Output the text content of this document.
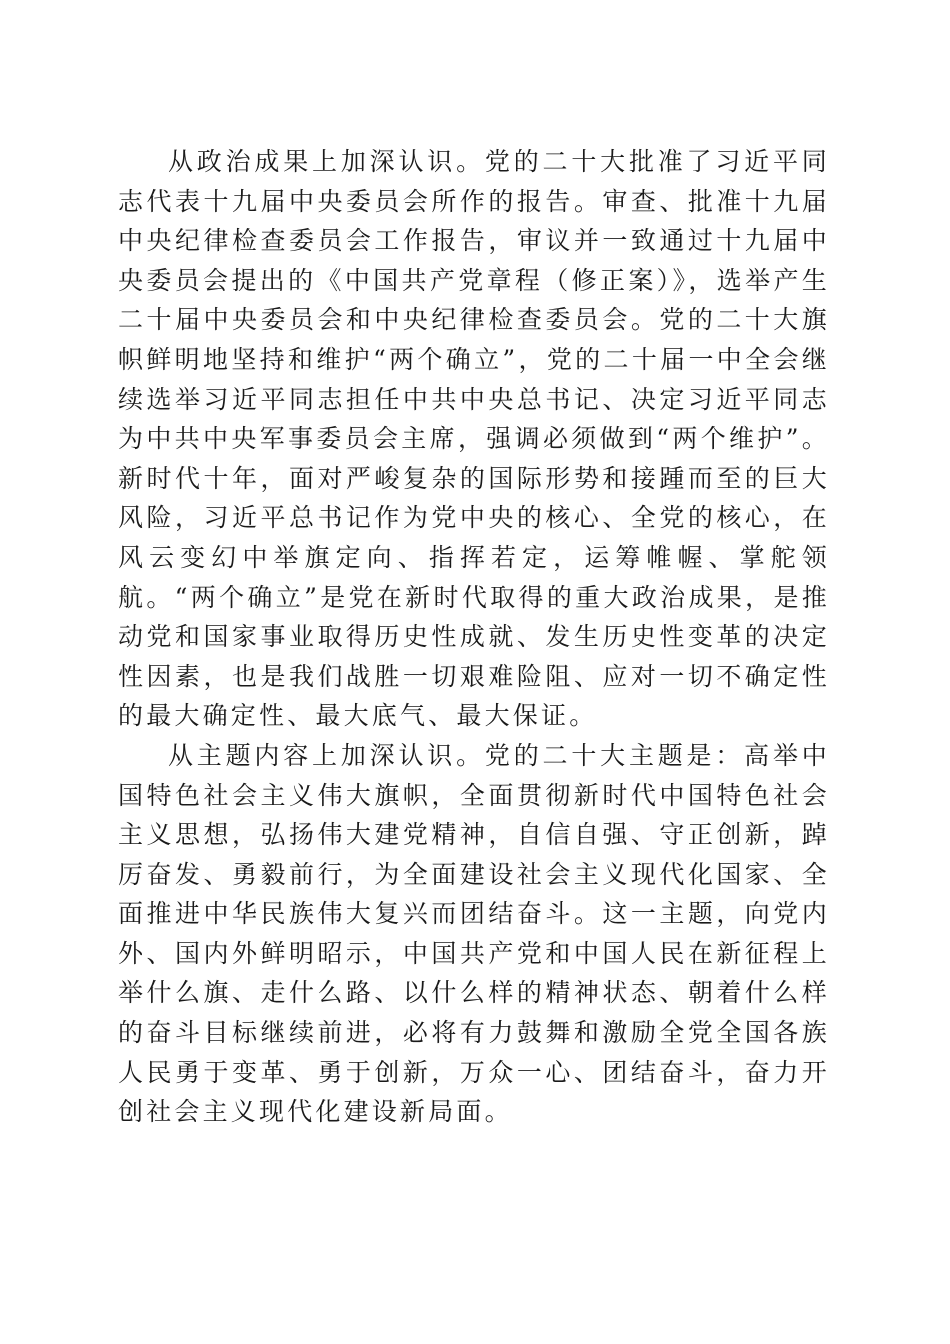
从政治成果上加深认识。党的二十大批准了习近平同志代表十九届中央委员会所作的报告。审查、批准十九届中央纪律检查委员会工作报告，审议并一致通过十九届中央委员会提出的《中国共产党章程（修正案）》，选举产生二十届中央委员会和中央纪律检查委员会。党的二十大旗帜鲜明地坚持和维护“两个确立”，党的二十届一中全会继续选举习近平同志担任中共中央总书记、决定习近平同志为中共中央军事委员会主席，强调必须做到“两个维护”。新时代十年，面对严峻复杂的国际形势和接踵而至的巨大风险，习近平总书记作为党中央的核心、全党的核心，在风云变幻中举旗定向、指挥若定，运筹帷幄、掌舵领航。“两个确立”是党在新时代取得的重大政治成果，是推动党和国家事业取得历史性成就、发生历史性变革的决定性因素，也是我们战胜一切艰难险阻、应对一切不确定性的最大确定性、最大底气、最大保证。

从主题内容上加深认识。党的二十大主题是：高举中国特色社会主义伟大旗帜，全面贯彻新时代中国特色社会主义思想，弘扬伟大建党精神，自信自强、守正创新，踔厉奋发、勇毅前行，为全面建设社会主义现代化国家、全面推进中华民族伟大复兴而团结奋斗。这一主题，向党内外、国内外鲜明昭示，中国共产党和中国人民在新征程上举什么旗、走什么路、以什么样的精神状态、朝着什么样的奋斗目标继续前进，必将有力鼓舞和激励全党全国各族人民勇于变革、勇于创新，万众一心、团结奋斗，奋力开创社会主义现代化建设新局面。
